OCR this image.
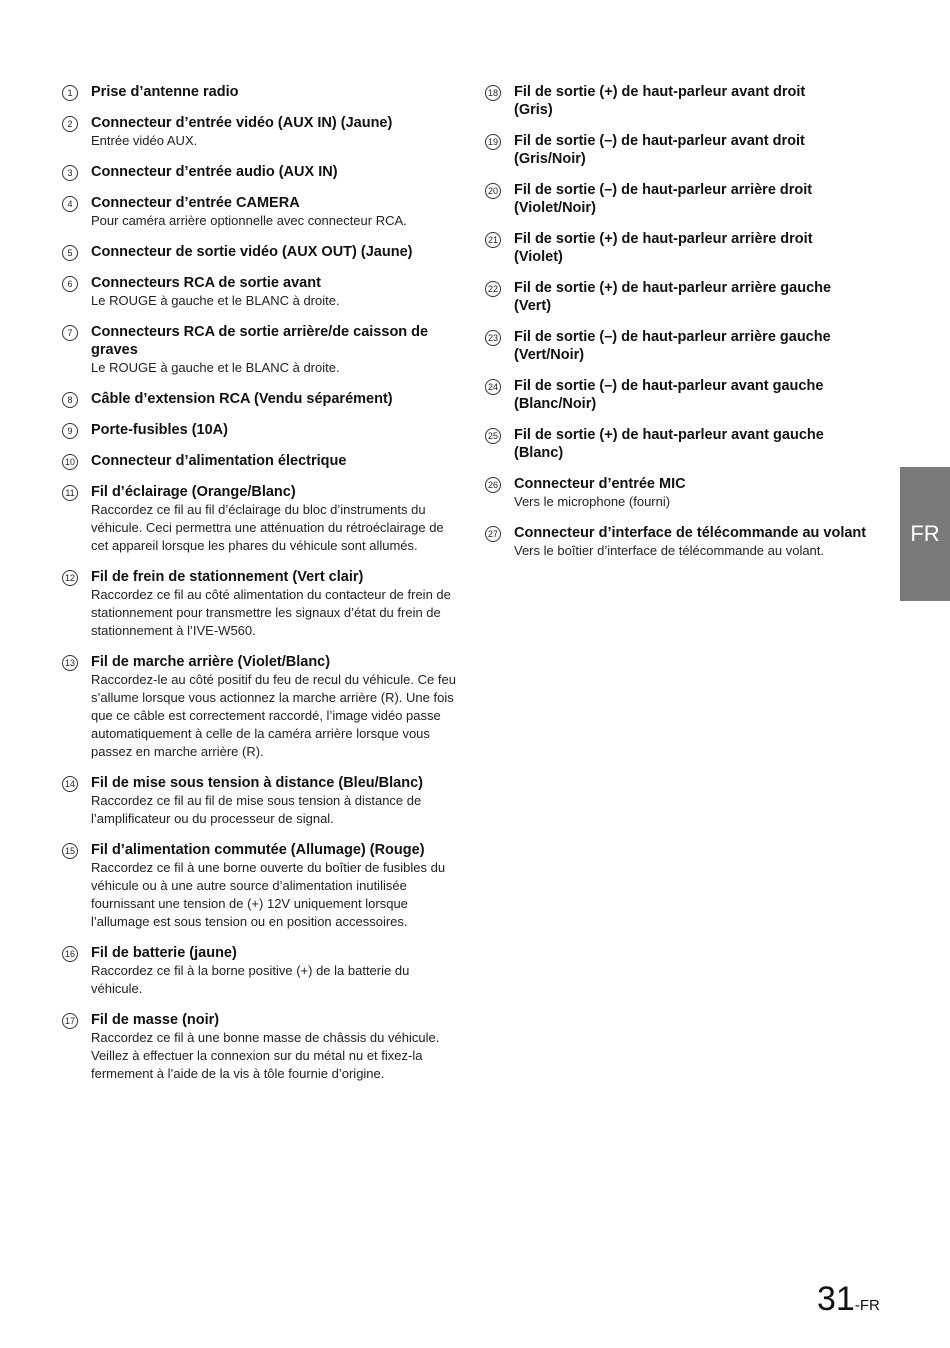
1	Prise d’antenne radio
2	Connecteur d’entrée vidéo (AUX IN) (Jaune)
Entrée vidéo AUX.
3	Connecteur d’entrée audio (AUX IN)
4	Connecteur d’entrée CAMERA
Pour caméra arrière optionnelle avec connecteur RCA.
5	Connecteur de sortie vidéo (AUX OUT) (Jaune)
6	Connecteurs RCA de sortie avant
Le ROUGE à gauche et le BLANC à droite.
7	Connecteurs RCA de sortie arrière/de caisson de graves
Le ROUGE à gauche et le BLANC à droite.
8	Câble d’extension RCA (Vendu séparément)
9	Porte-fusibles (10A)
10 Connecteur d’alimentation électrique
11 Fil d’éclairage (Orange/Blanc)
Raccordez ce fil au fil d’éclairage du bloc d’instruments du véhicule. Ceci permettra une atténuation du rétroéclairage de cet appareil lorsque les phares du véhicule sont allumés.
12 Fil de frein de stationnement (Vert clair)
Raccordez ce fil au côté alimentation du contacteur de frein de stationnement pour transmettre les signaux d’état du frein de stationnement à l’IVE-W560.
13 Fil de marche arrière (Violet/Blanc)
Raccordez-le au côté positif du feu de recul du véhicule. Ce feu s’allume lorsque vous actionnez la marche arrière (R). Une fois que ce câble est correctement raccordé, l’image vidéo passe automatiquement à celle de la caméra arrière lorsque vous passez en marche arrière (R).
14 Fil de mise sous tension à distance (Bleu/Blanc)
Raccordez ce fil au fil de mise sous tension à distance de l’amplificateur ou du processeur de signal.
15 Fil d’alimentation commutée (Allumage) (Rouge)
Raccordez ce fil à une borne ouverte du boîtier de fusibles du véhicule ou à une autre source d’alimentation inutilisée fournissant une tension de (+) 12V uniquement lorsque l’allumage est sous tension ou en position accessoires.
16 Fil de batterie (jaune)
Raccordez ce fil à la borne positive (+) de la batterie du véhicule.
17 Fil de masse (noir)
Raccordez ce fil à une bonne masse de châssis du véhicule. Veillez à effectuer la connexion sur du métal nu et fixez-la fermement à l’aide de la vis à tôle fournie d’origine.
18 Fil de sortie (+) de haut-parleur avant droit (Gris)
19 Fil de sortie (–) de haut-parleur avant droit (Gris/Noir)
20 Fil de sortie (–) de haut-parleur arrière droit (Violet/Noir)
21 Fil de sortie (+) de haut-parleur arrière droit (Violet)
22 Fil de sortie (+) de haut-parleur arrière gauche (Vert)
23 Fil de sortie (–) de haut-parleur arrière gauche (Vert/Noir)
24 Fil de sortie (–) de haut-parleur avant gauche (Blanc/Noir)
25 Fil de sortie (+) de haut-parleur avant gauche (Blanc)
26 Connecteur d’entrée MIC
Vers le microphone (fourni)
27 Connecteur d’interface de télécommande au volant
Vers le boîtier d’interface de télécommande au volant.
FR
31-FR
